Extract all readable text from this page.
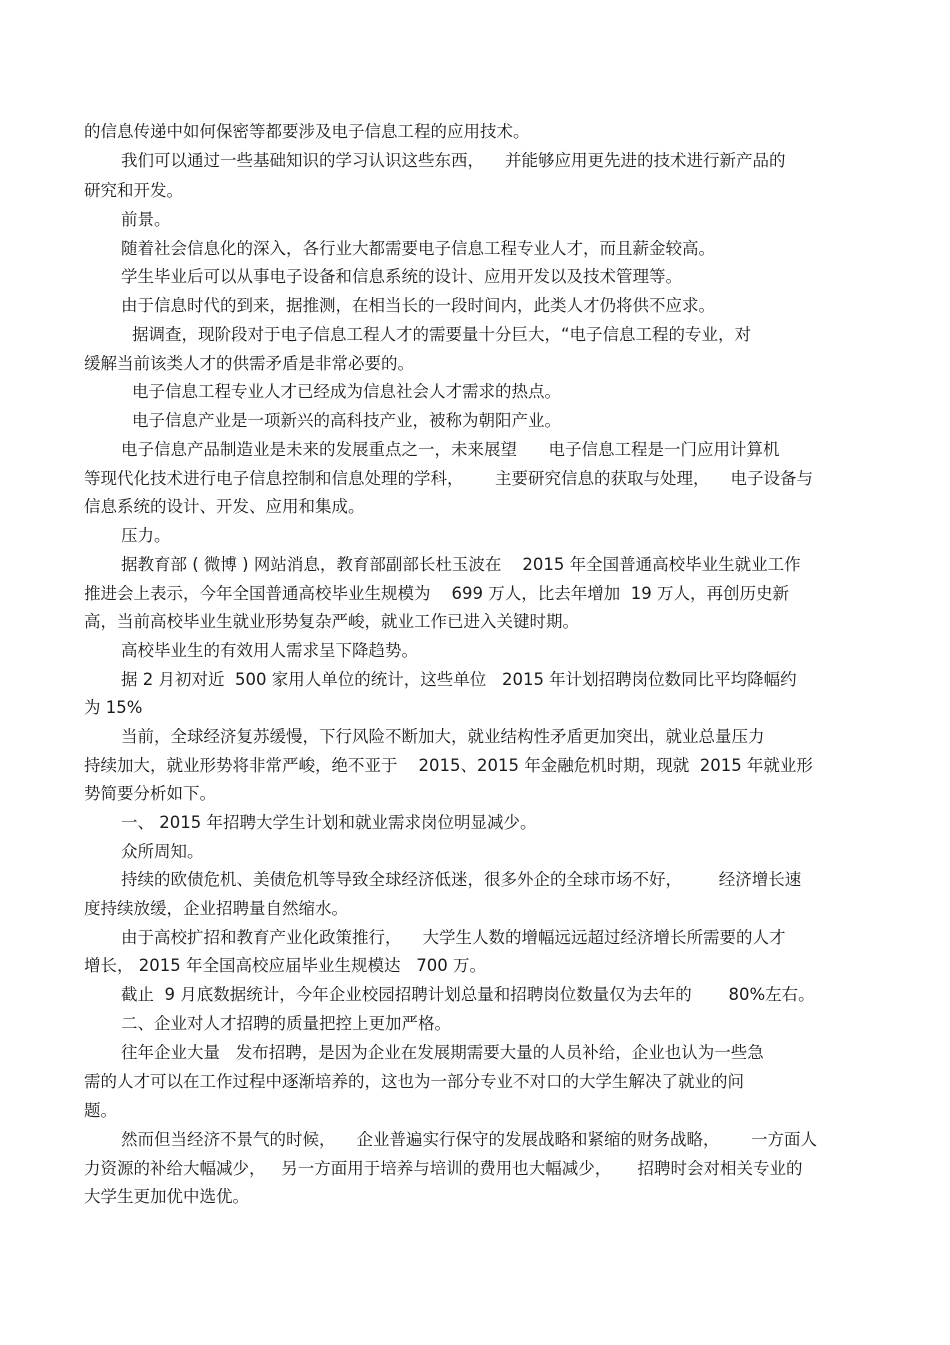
的信息传递中如何保密等都要涉及电子信息工程的应用技术。
我们可以通过一些基础知识的学习认识这些东西，    并能够应用更先进的技术进行新产品的
研究和开发。
前景。
随着社会信息化的深入，各行业大都需要电子信息工程专业人才，而且薪金较高。
学生毕业后可以从事电子设备和信息系统的设计、应用开发以及技术管理等。
由于信息时代的到来，据推测，在相当长的一段时间内，此类人才仍将供不应求。
据调查，现阶段对于电子信息工程人才的需要量十分巨大，“电子信息工程的专业，对
缓解当前该类人才的供需矛盾是非常必要的。
电子信息工程专业人才已经成为信息社会人才需求的热点。
电子信息产业是一项新兴的高科技产业，被称为朝阳产业。
电子信息产品制造业是未来的发展重点之一，未来展望      电子信息工程是一门应用计算机
等现代化技术进行电子信息控制和信息处理的学科，      主要研究信息的获取与处理，    电子设备与
信息系统的设计、开发、应用和集成。
压力。
据教育部 ( 微博 ) 网站消息，教育部副部长杜玉波在    2015 年全国普通高校毕业生就业工作
推进会上表示，今年全国普通高校毕业生规模为    699 万人，比去年增加  19 万人，再创历史新
高，当前高校毕业生就业形势复杂严峻，就业工作已进入关键时期。
高校毕业生的有效用人需求呈下降趋势。
据 2 月初对近  500 家用人单位的统计，这些单位   2015 年计划招聘岗位数同比平均降幅约
为 15%
当前，全球经济复苏缓慢，下行风险不断加大，就业结构性矛盾更加突出，就业总量压力
持续加大，就业形势将非常严峻，绝不亚于    2015、2015 年金融危机时期，现就  2015 年就业形
势简要分析如下。
一、 2015 年招聘大学生计划和就业需求岗位明显减少。
众所周知。
持续的欧债危机、美债危机等导致全球经济低迷，很多外企的全球市场不好，       经济增长速
度持续放缓，企业招聘量自然缩水。
由于高校扩招和教育产业化政策推行，    大学生人数的增幅远远超过经济增长所需要的人才
增长， 2015 年全国高校应届毕业生规模达   700 万。
截止  9 月底数据统计，今年企业校园招聘计划总量和招聘岗位数量仅为去年的       80%左右。
二、企业对人才招聘的质量把控上更加严格。
往年企业大量   发布招聘，是因为企业在发展期需要大量的人员补给，企业也认为一些急
需的人才可以在工作过程中逐渐培养的，这也为一部分专业不对口的大学生解决了就业的问
题。
然而但当经济不景气的时候，    企业普遍实行保守的发展战略和紧缩的财务战略，      一方面人
力资源的补给大幅减少，   另一方面用于培养与培训的费用也大幅减少，     招聘时会对相关专业的
大学生更加优中选优。
